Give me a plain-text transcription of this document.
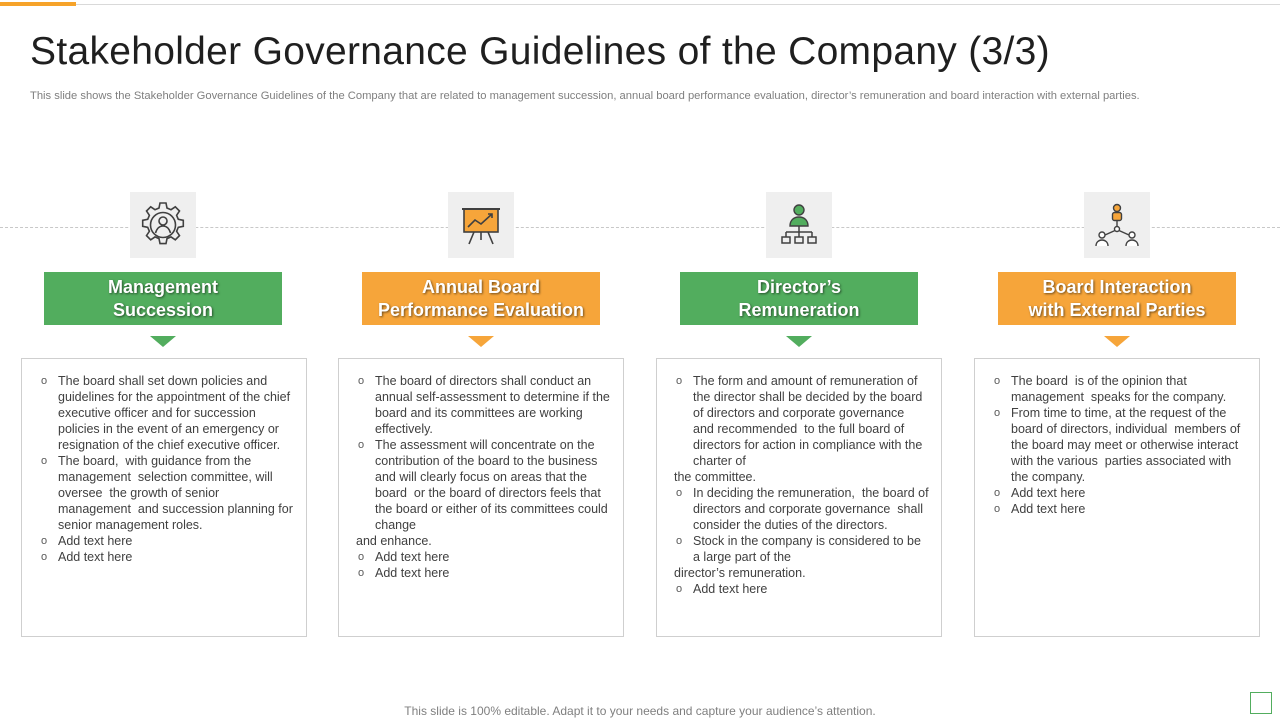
Stakeholder Governance Guidelines of the Company (3/3)

This slide shows the Stakeholder Governance Guidelines of the Company that are related to management succession, annual board performance evaluation, director’s remuneration and board interaction with external parties.

Management
Succession
o The board shall set down policies and guidelines for the appointment of the chief executive officer and for succession policies in the event of an emergency or resignation of the chief executive officer.
o The board,  with guidance from the management  selection committee, will oversee  the growth of senior management  and succession planning for senior management roles.
o Add text here
o Add text here
Annual Board
Performance Evaluation
o The board of directors shall conduct an annual self-assessment to determine if the board and its committees are working effectively.
o The assessment will concentrate on the contribution of the board to the business and will clearly focus on areas that the board  or the board of directors feels that the board or either of its committees could change
and enhance.
o Add text here
o Add text here
Director’s
Remuneration
o The form and amount of remuneration of the director shall be decided by the board of directors and corporate governance  and recommended  to the full board of directors for action in compliance with the charter of
the committee.
o In deciding the remuneration,  the board of directors and corporate governance  shall consider the duties of the directors.
o Stock in the company is considered to be a large part of the
director’s remuneration.
o Add text here
Board Interaction
with External Parties
o The board  is of the opinion that management  speaks for the company.
o From time to time, at the request of the board of directors, individual  members of the board may meet or otherwise interact with the various  parties associated with the company.
o Add text here
o Add text here

This slide is 100% editable. Adapt it to your needs and capture your audience’s attention.
